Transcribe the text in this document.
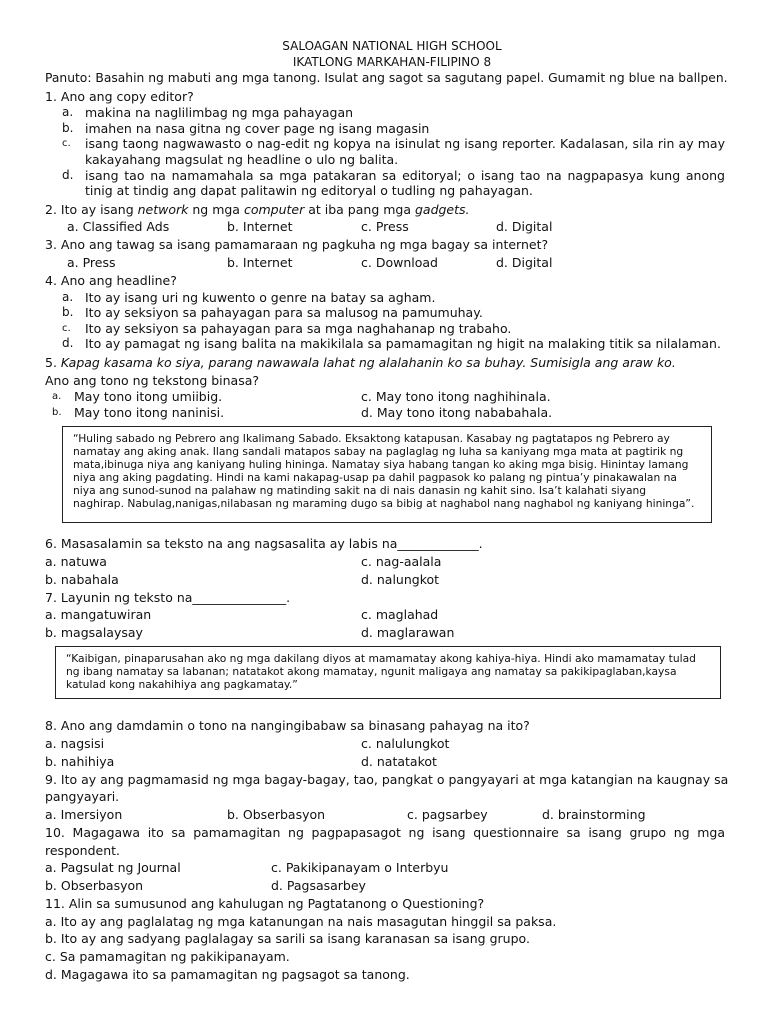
SALOAGAN NATIONAL HIGH SCHOOL
IKATLONG MARKAHAN-FILIPINO 8
Panuto: Basahin ng mabuti ang mga tanong. Isulat ang sagot sa sagutang papel. Gumamit ng blue na ballpen.
1. Ano ang copy editor?
a. makina na naglilimbag ng mga pahayagan
b. imahen na nasa gitna ng cover page ng isang magasin
c. isang taong nagwawasto o nag-edit ng kopya na isinulat ng isang reporter. Kadalasan, sila rin ay may kakayahang magsulat ng headline o ulo ng balita.
d. isang tao na namamahala sa mga patakaran sa editoryal; o isang tao na nagpapasya kung anong tinig at tindig ang dapat palitawin ng editoryal o tudling ng pahayagan.
2. Ito ay isang network ng mga computer at iba pang mga gadgets.
a. Classified Ads	b. Internet	c. Press	d. Digital
3. Ano ang tawag sa isang pamamaraan ng pagkuha ng mga bagay sa internet?
a. Press	b. Internet	c. Download	d. Digital
4. Ano ang headline?
a. Ito ay isang uri ng kuwento o genre na batay sa agham.
b. Ito ay seksiyon sa pahayagan para sa malusog na pamumuhay.
c. Ito ay seksiyon sa pahayagan para sa mga naghahanap ng trabaho.
d. Ito ay pamagat ng isang balita na makikilala sa pamamagitan ng higit na malaking titik sa nilalaman.
5. Kapag kasama ko siya, parang nawawala lahat ng alalahanin ko sa buhay. Sumisigla ang araw ko.
Ano ang tono ng tekstong binasa?
a. May tono itong umiibig.	c. May tono itong naghihinala.
b. May tono itong naninisi.	d. May tono itong nababahala.
“Huling sabado ng Pebrero ang Ikalimang Sabado. Eksaktong katapusan. Kasabay ng pagtatapos ng Pebrero ay
namatay ang aking anak. Ilang sandali matapos sabay na paglaglag ng luha sa kaniyang mga mata at pagtirik ng
mata,ibinuga niya ang kaniyang huling hininga. Namatay siya habang tangan ko aking mga bisig. Hinintay lamang
niya ang aking pagdating. Hindi na kami nakapag-usap pa dahil pagpasok ko palang ng pintua’y pinakawalan na
niya ang sunod-sunod na palahaw ng matinding sakit na di nais danasin ng kahit sino. Isa’t kalahati siyang
naghirap. Nabulag,nanigas,nilabasan ng maraming dugo sa bibig at naghabol nang naghabol ng kaniyang hininga”.
6. Masasalamin sa teksto na ang nagsasalita ay labis na_____________.
a. natuwa	c. nag-aalala
b. nabahala	d. nalungkot
7. Layunin ng teksto na_______________.
a. mangatuwiran	c. maglahad
b. magsalaysay	d. maglarawan
“Kaibigan, pinaparusahan ako ng mga dakilang diyos at mamamatay akong kahiya-hiya. Hindi ako mamamatay tulad
ng ibang namatay sa labanan; natatakot akong mamatay, ngunit maligaya ang namatay sa pakikipaglaban,kaysa
katulad kong nakahihiya ang pagkamatay.”
8. Ano ang damdamin o tono na nangingibabaw sa binasang pahayag na ito?
a. nagsisi	c. nalulungkot
b. nahihiya	d. natatakot
9. Ito ay ang pagmamasid ng mga bagay-bagay, tao, pangkat o pangyayari at mga katangian na kaugnay sa
pangyayari.
a. Imersiyon	b. Obserbasyon	c. pagsarbey	d. brainstorming
10. Magagawa ito sa pamamagitan ng pagpapasagot ng isang questionnaire sa isang grupo ng mga
respondent.
a. Pagsulat ng Journal	c. Pakikipanayam o Interbyu
b. Obserbasyon	d. Pagsasarbey
11. Alin sa sumusunod ang kahulugan ng Pagtatanong o Questioning?
a. Ito ay ang paglalatag ng mga katanungan na nais masagutan hinggil sa paksa.
b. Ito ay ang sadyang paglalagay sa sarili sa isang karanasan sa isang grupo.
c. Sa pamamagitan ng pakikipanayam.
d. Magagawa ito sa pamamagitan ng pagsagot sa tanong.
